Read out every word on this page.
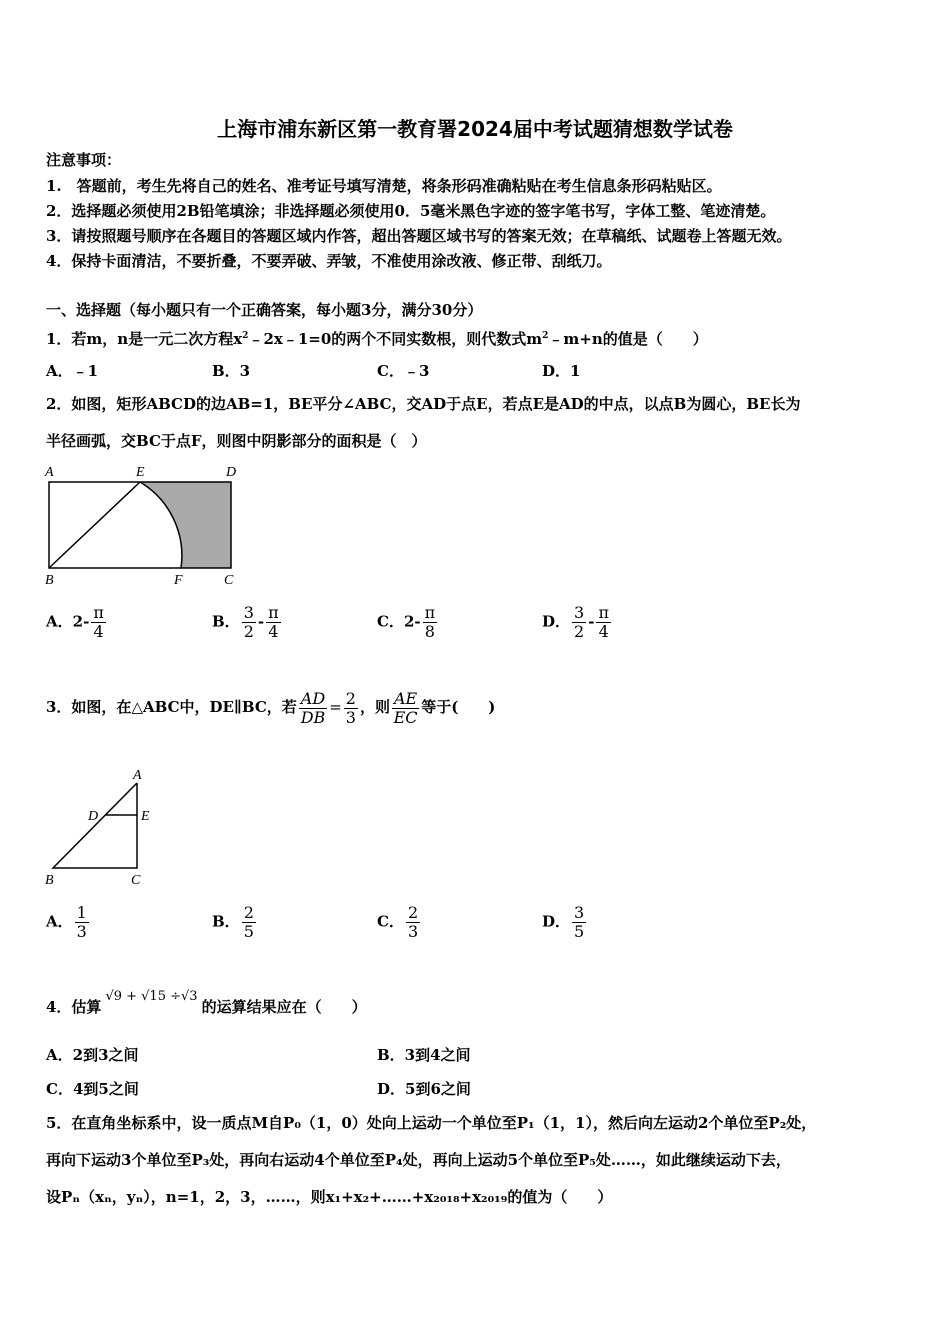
上海市浦东新区第一教育署2024届中考试题猜想数学试卷
注意事项：
1.　答题前，考生先将自己的姓名、准考证号填写清楚，将条形码准确粘贴在考生信息条形码粘贴区。
2．选择题必须使用2B铅笔填涂；非选择题必须使用0．5毫米黑色字迹的签字笔书写，字体工整、笔迹清楚。
3．请按照题号顺序在各题目的答题区域内作答，超出答题区域书写的答案无效；在草稿纸、试题卷上答题无效。
4．保持卡面清洁，不要折叠，不要弄破、弄皱，不准使用涂改液、修正带、刮纸刀。
一、选择题（每小题只有一个正确答案，每小题3分，满分30分）
1．若m，n是一元二次方程$x^2﹣2x﹣1=0$的两个不同实数根，则代数式$m^2﹣m+n$的值是（　　）
A．﹣1	B．3	C．﹣3	D．1
2．如图，矩形ABCD的边AB=1，BE平分∠ABC，交AD于点E，若点E是AD的中点，以点B为圆心，BE长为
半径画弧，交BC于点F，则图中阴影部分的面积是（　）
A	E	D
B	F	C
A．$2- \frac{\pi}{4}$	B． $\frac{3}{2} - \frac{\pi}{4}$	C．$2- \frac{\pi}{8}$	D． $\frac{3}{2} - \frac{\pi}{4}$
3．如图，在△ABC中，DE∥BC，若 $\frac{AD}{DB} = \frac{2}{3}$ ，则 $\frac{AE}{EC}$ 等于(　　)
A
D	E
B	C
A． $\frac{1}{3}$	B． $\frac{2}{5}$	C． $\frac{2}{3}$	D． $\frac{3}{5}$
4．估算√9 + √15 ÷√3的运算结果应在（　　）
A．2到3之间	B．3到4之间
C．4到5之间	D．5到6之间
5．在直角坐标系中，设一质点M自P₀（1，0）处向上运动一个单位至P₁（1，1），然后向左运动2个单位至P₂处，
再向下运动3个单位至P₃处，再向右运动4个单位至P₄处，再向上运动5个单位至P₅处……，如此继续运动下去，
设Pₙ（xₙ，yₙ），n=1，2，3，……，则x₁+x₂+……+x₂₀₁₈+x₂₀₁₉的值为（　　）
